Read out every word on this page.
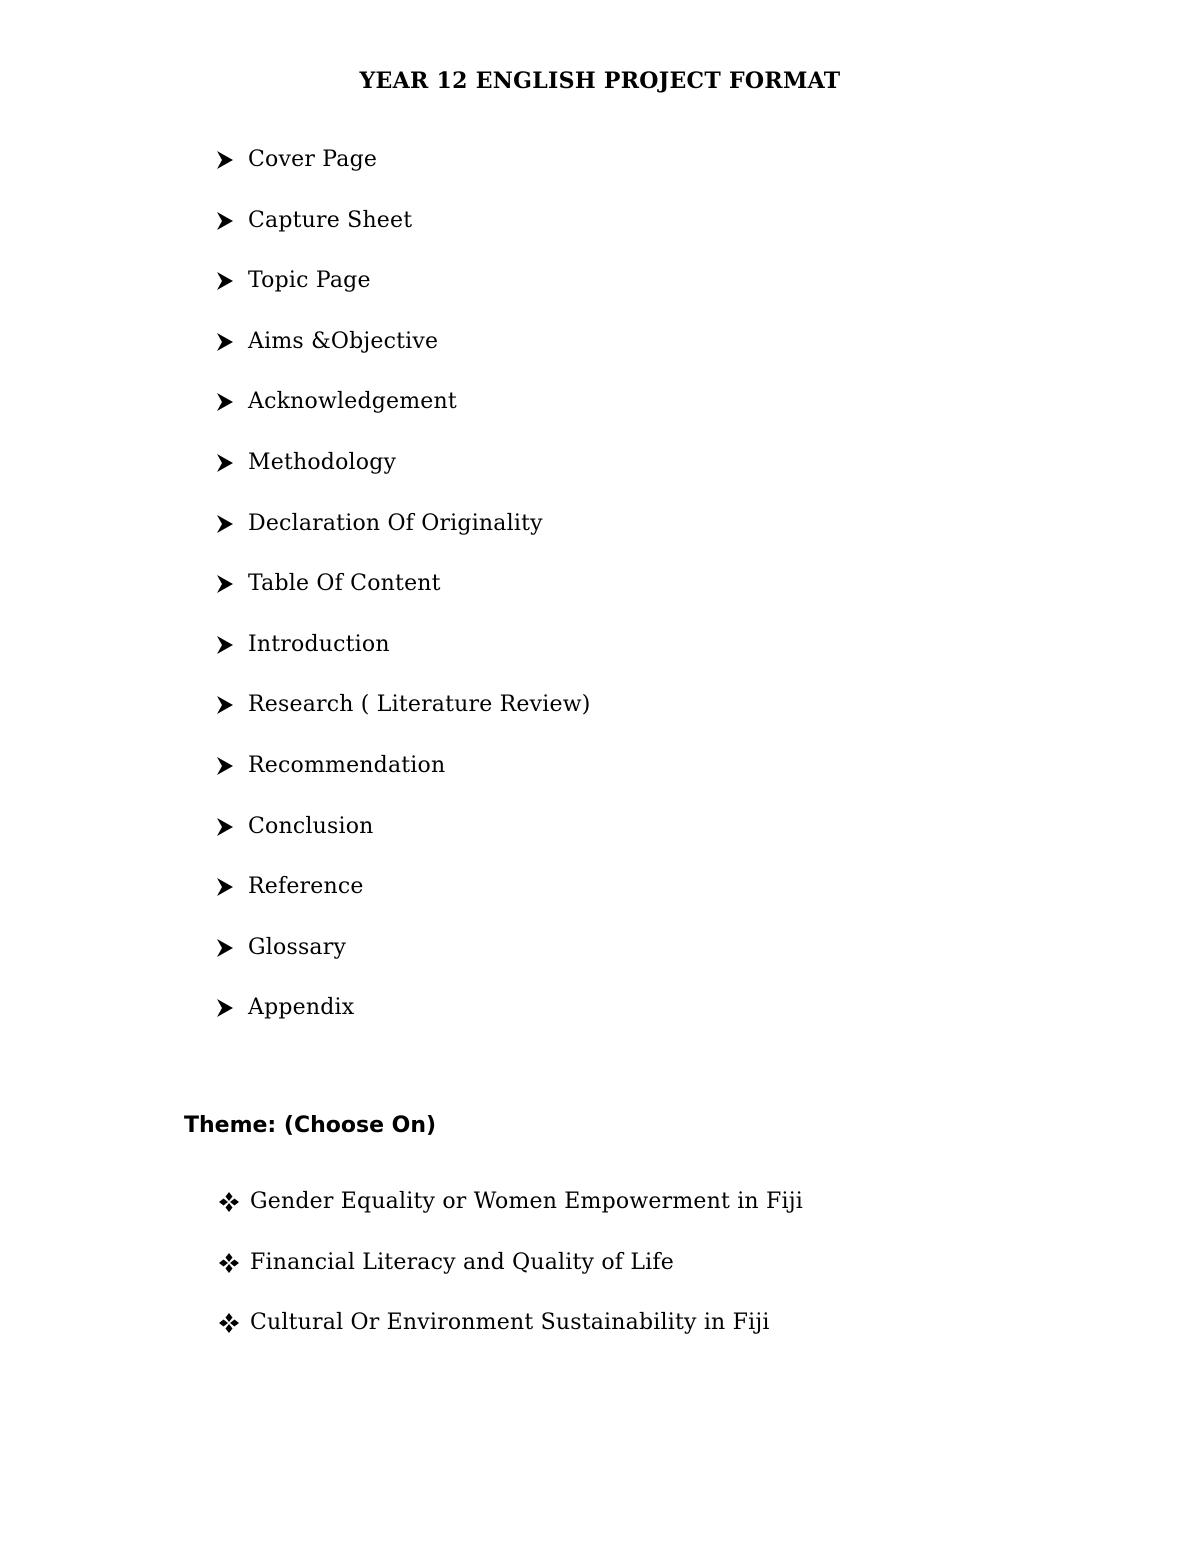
YEAR 12 ENGLISH PROJECT FORMAT
Cover Page
Capture Sheet
Topic Page
Aims &Objective
Acknowledgement
Methodology
Declaration Of Originality
Table Of Content
Introduction
Research ( Literature Review)
Recommendation
Conclusion
Reference
Glossary
Appendix
Theme: (Choose On)
Gender Equality or Women Empowerment in Fiji
Financial Literacy and Quality of Life
Cultural Or Environment Sustainability in Fiji
